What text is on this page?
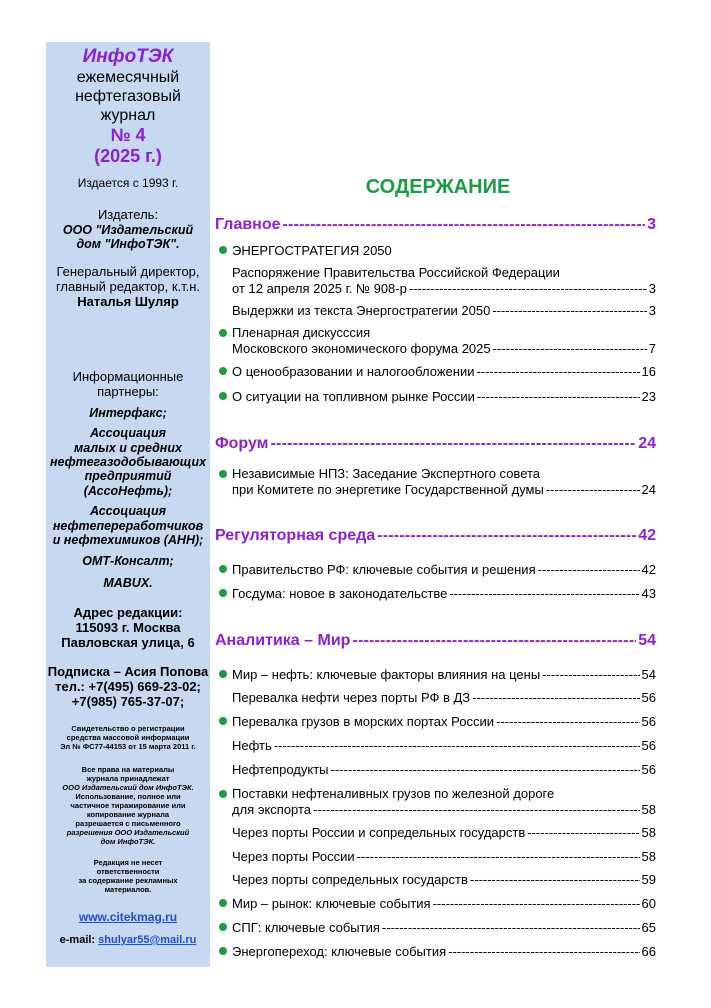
ИнфоТЭК
ежемесячный
нефтегазовый
журнал
№ 4
(2025 г.)
Издается с 1993 г.
Издатель:
ООО "Издательский
дом "ИнфоТЭК".
Генеральный директор,
главный редактор, к.т.н.
Наталья Шуляр
Информационные
партнеры:
Интерфакс;
Ассоциация
малых и средних
нефтегазодобывающих
предприятий
(АссоНефть);
Ассоциация
нефтепереработчиков
и нефтехимиков (АНН);
ОМТ-Консалт;
MABUX.
Адрес редакции:
115093 г. Москва
Павловская улица, 6
Подписка – Асия Попова
тел.: +7(495) 669-23-02;
+7(985) 765-37-07;
Свидетельство о регистрации
средства массовой информации
Эл № ФС77-44153 от 15 марта 2011 г.
Все права на материалы
журнала принадлежат
ООО Издательский дом ИнфоТЭК.
Использование, полное или
частичное тиражирование или
копирование журнала
разрешается с письменного
разрешения ООО Издательский
дом ИнфоТЭК.
Редакция не несет
ответственности
за содержание рекламных
материалов.
www.citekmag.ru
e-mail: shulyar55@mail.ru
СОДЕРЖАНИЕ
Главное -----	3
ЭНЕРГОСТРАТЕГИЯ 2050
Распоряжение Правительства Российской Федерации
от 12 апреля 2025 г. № 908-р -----	3
Выдержки из текста Энергостратегии 2050 -----	3
Пленарная дискусссия
Московского экономического форума 2025 -----	7
О ценообразовании и налогообложении -----	16
О ситуации на топливном рынке России -----	23
Форум -----	24
Независимые НПЗ: Заседание Экспертного совета
при Комитете по энергетике Государственной думы -----	24
Регуляторная среда -----	42
Правительство РФ: ключевые события и решения -----	42
Госдума: новое в законодательстве -----	43
Аналитика – Мир -----	54
Мир – нефть: ключевые факторы влияния на цены -----	54
Перевалка нефти через порты РФ в ДЗ -----	56
Перевалка грузов в морских портах России -----	56
Нефть -----	56
Нефтепродукты -----	56
Поставки нефтеналивных грузов по железной дороге
для экспорта -----	58
Через порты России и сопредельных государств -----	58
Через порты России -----	58
Через порты сопредельных государств -----	59
Мир – рынок: ключевые события -----	60
СПГ: ключевые события -----	65
Энергопереход: ключевые события -----	66
